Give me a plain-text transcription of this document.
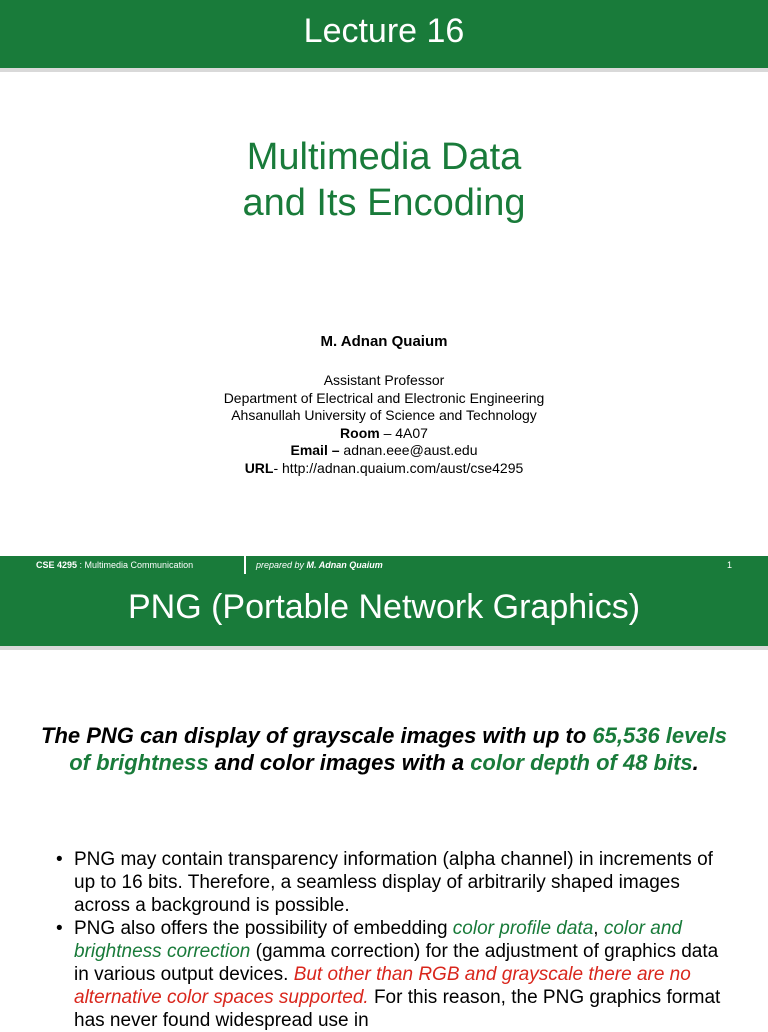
Lecture 16
Multimedia Data
and Its Encoding
M. Adnan Quaium
Assistant Professor
Department of Electrical and Electronic Engineering
Ahsanullah University of Science and Technology
Room – 4A07
Email – adnan.eee@aust.edu
URL- http://adnan.quaium.com/aust/cse4295
CSE 4295 : Multimedia Communication	prepared by M. Adnan Quaium	1
PNG (Portable Network Graphics)
The PNG can display of grayscale images with up to 65,536 levels of brightness and color images with a color depth of 48 bits.
• PNG may contain transparency information (alpha channel) in increments of up to 16 bits. Therefore, a seamless display of arbitrarily shaped images across a background is possible.
• PNG also offers the possibility of embedding color profile data, color and brightness correction (gamma correction) for the adjustment of graphics data in various output devices. But other than RGB and grayscale there are no alternative color spaces supported. For this reason, the PNG graphics format has never found widespread use in
